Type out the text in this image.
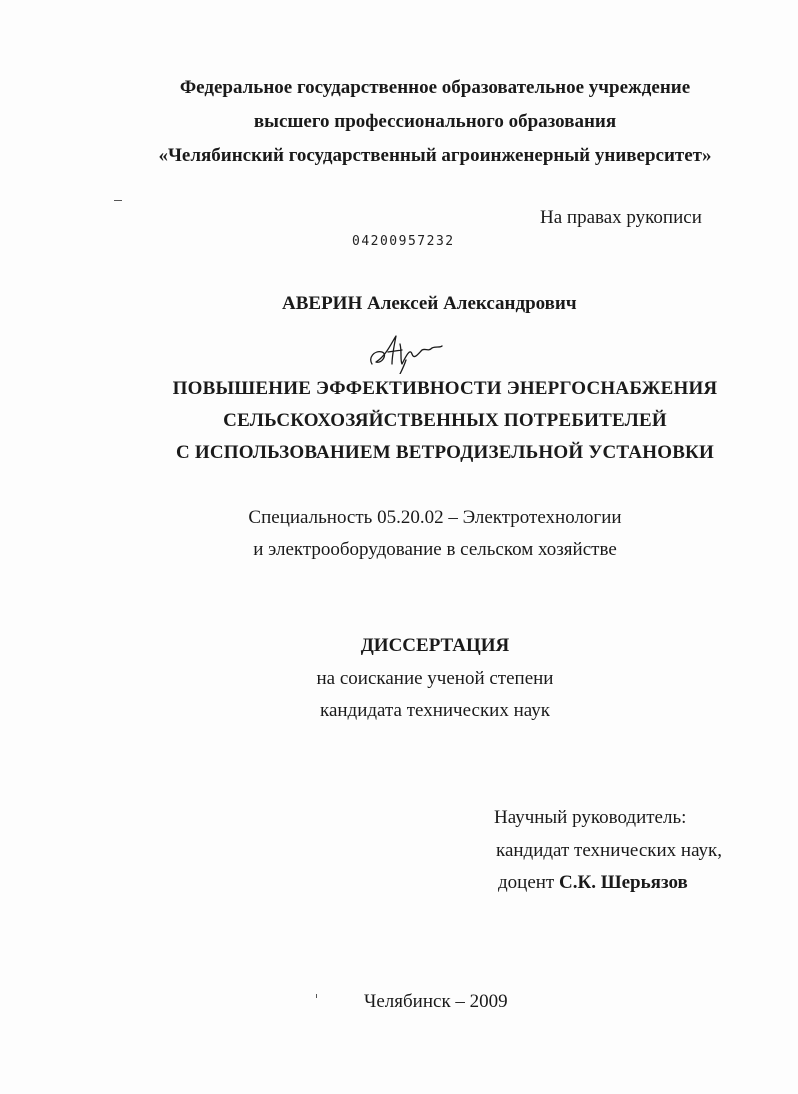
Федеральное государственное образовательное учреждение
высшего профессионального образования
«Челябинский государственный агроинженерный университет»
На правах рукописи
04200957232
АВЕРИН Алексей Александрович
ПОВЫШЕНИЕ ЭФФЕКТИВНОСТИ ЭНЕРГОСНАБЖЕНИЯ
СЕЛЬСКОХОЗЯЙСТВЕННЫХ ПОТРЕБИТЕЛЕЙ
С ИСПОЛЬЗОВАНИЕМ ВЕТРОДИЗЕЛЬНОЙ УСТАНОВКИ
Специальность 05.20.02 – Электротехнологии
и электрооборудование в сельском хозяйстве
ДИССЕРТАЦИЯ
на соискание ученой степени
кандидата технических наук
Научный руководитель:
кандидат технических наук,
доцент С.К. Шерьязов
Челябинск – 2009
